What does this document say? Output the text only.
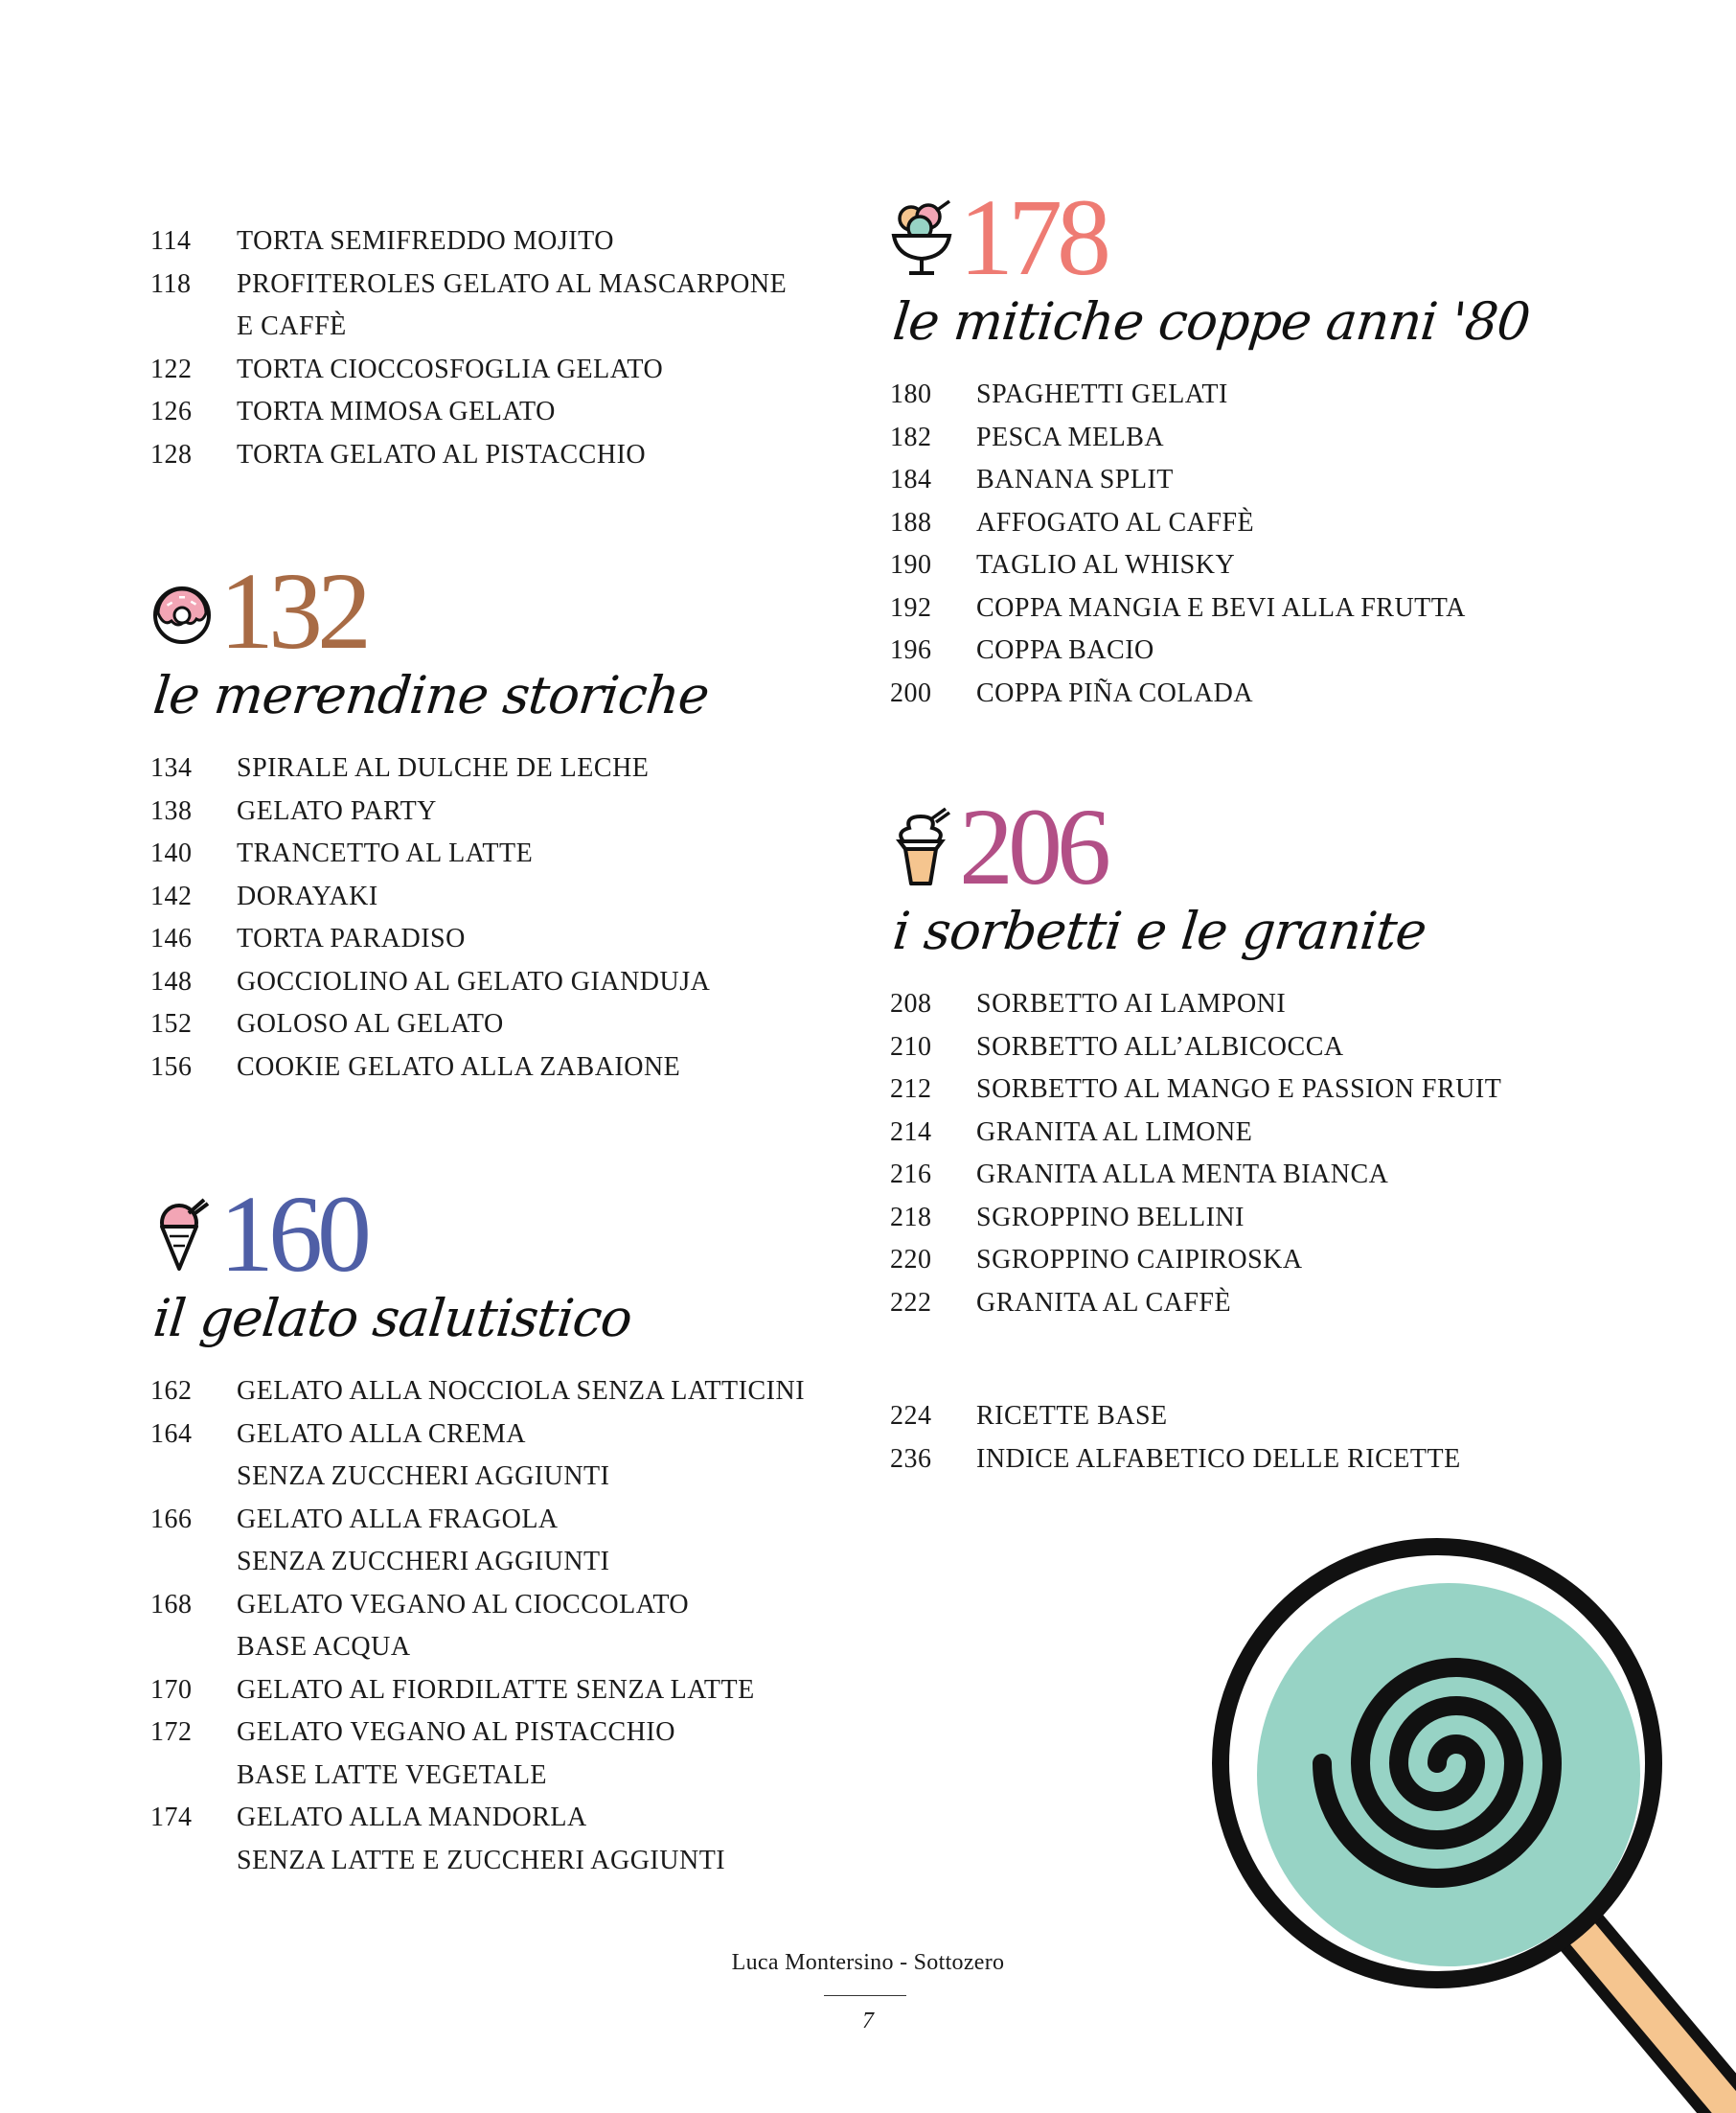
114	TORTA SEMIFREDDO MOJITO
118	PROFITEROLES GELATO AL MASCARPONE
E CAFFÈ
122	TORTA CIOCCOSFOGLIA GELATO
126	TORTA MIMOSA GELATO
128	TORTA GELATO AL PISTACCHIO
132
le merendine storiche
134	SPIRALE AL DULCHE DE LECHE
138	GELATO PARTY
140	TRANCETTO AL LATTE
142	DORAYAKI
146	TORTA PARADISO
148	GOCCIOLINO AL GELATO GIANDUJA
152	GOLOSO AL GELATO
156	COOKIE GELATO ALLA ZABAIONE
160
il gelato salutistico
162	GELATO ALLA NOCCIOLA SENZA LATTICINI
164	GELATO ALLA CREMA
SENZA ZUCCHERI AGGIUNTI
166	GELATO ALLA FRAGOLA
SENZA ZUCCHERI AGGIUNTI
168	GELATO VEGANO AL CIOCCOLATO
BASE ACQUA
170	GELATO AL FIORDILATTE SENZA LATTE
172	GELATO VEGANO AL PISTACCHIO
BASE LATTE VEGETALE
174	GELATO ALLA MANDORLA
SENZA LATTE E ZUCCHERI AGGIUNTI
178
le mitiche coppe anni '80
180	SPAGHETTI GELATI
182	PESCA MELBA
184	BANANA SPLIT
188	AFFOGATO AL CAFFÈ
190	TAGLIO AL WHISKY
192	COPPA MANGIA E BEVI ALLA FRUTTA
196	COPPA BACIO
200	COPPA PIÑA COLADA
206
i sorbetti e le granite
208	SORBETTO AI LAMPONI
210	SORBETTO ALL’ALBICOCCA
212	SORBETTO AL MANGO E PASSION FRUIT
214	GRANITA AL LIMONE
216	GRANITA ALLA MENTA BIANCA
218	SGROPPINO BELLINI
220	SGROPPINO CAIPIROSKA
222	GRANITA AL CAFFÈ
224	RICETTE BASE
236	INDICE ALFABETICO DELLE RICETTE
Luca Montersino - Sottozero
7
